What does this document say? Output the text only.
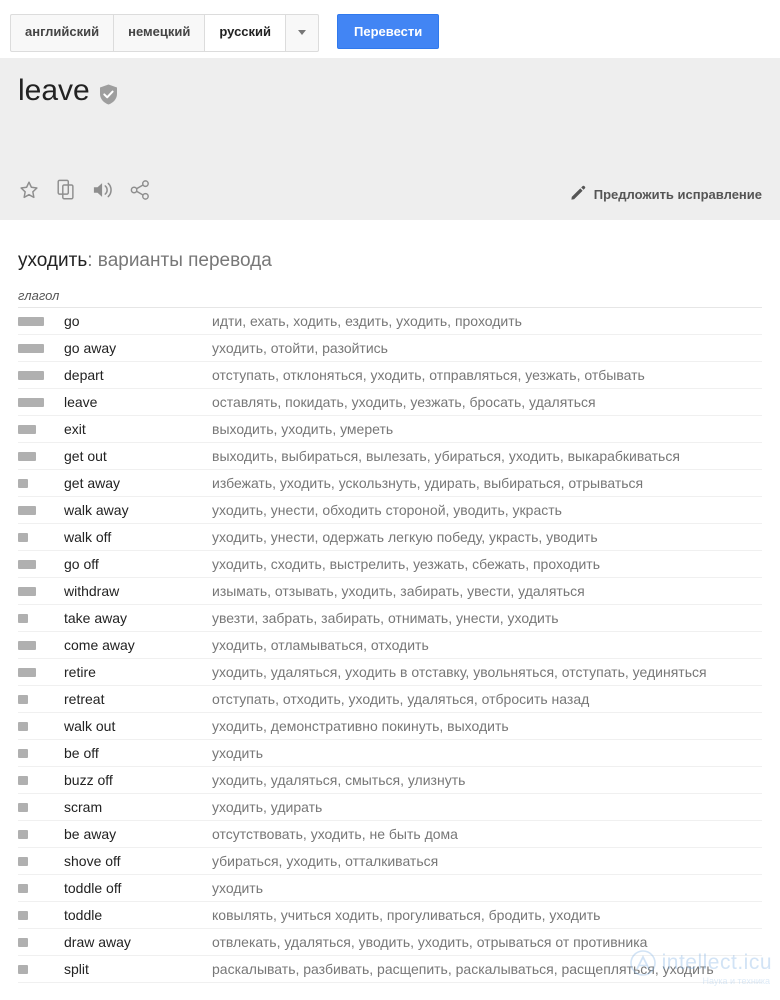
английский	немецкий	русский	Перевести
leave
Предложить исправление
уходить: варианты перевода
глагол
	go	идти, ехать, ходить, ездить, уходить, проходить

	go away	уходить, отойти, разойтись

	depart	отступать, отклоняться, уходить, отправляться, уезжать, отбывать

	leave	оставлять, покидать, уходить, уезжать, бросать, удаляться

	exit	выходить, уходить, умереть

	get out	выходить, выбираться, вылезать, убираться, уходить, выкарабкиваться

	get away	избежать, уходить, ускользнуть, удирать, выбираться, отрываться

	walk away	уходить, унести, обходить стороной, уводить, украсть

	walk off	уходить, унести, одержать легкую победу, украсть, уводить

	go off	уходить, сходить, выстрелить, уезжать, сбежать, проходить

	withdraw	изымать, отзывать, уходить, забирать, увести, удаляться

	take away	увезти, забрать, забирать, отнимать, унести, уходить

	come away	уходить, отламываться, отходить

	retire	уходить, удаляться, уходить в отставку, увольняться, отступать, уединяться

	retreat	отступать, отходить, уходить, удаляться, отбросить назад

	walk out	уходить, демонстративно покинуть, выходить

	be off	уходить

	buzz off	уходить, удаляться, смыться, улизнуть

	scram	уходить, удирать

	be away	отсутствовать, уходить, не быть дома

	shove off	убираться, уходить, отталкиваться

	toddle off	уходить

	toddle	ковылять, учиться ходить, прогуливаться, бродить, уходить

	draw away	отвлекать, удаляться, уводить, уходить, отрываться от противника

	split	раскалывать, разбивать, расщепить, раскалываться, расщепляться, уходить
intellect.icu
Наука и техника
